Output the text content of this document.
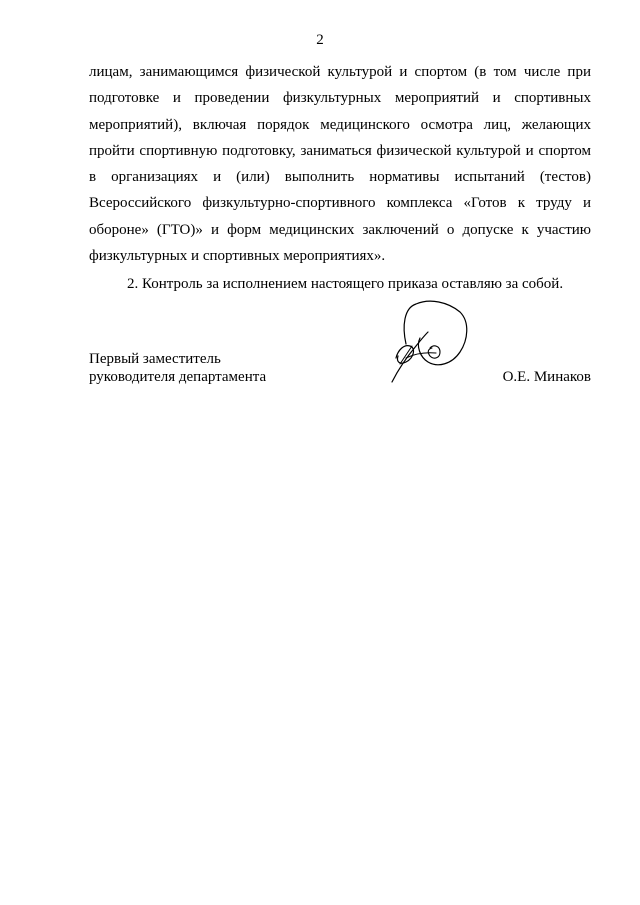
2

лицам, занимающимся физической культурой и спортом (в том числе при подготовке и проведении физкультурных мероприятий и спортивных мероприятий), включая порядок медицинского осмотра лиц, желающих пройти спортивную подготовку, заниматься физической культурой и спортом в организациях и (или) выполнить нормативы испытаний (тестов) Всероссийского физкультурно-спортивного комплекса «Готов к труду и обороне» (ГТО)» и форм медицинских заключений о допуске к участию физкультурных и спортивных мероприятиях».

2. Контроль за исполнением настоящего приказа оставляю за собой.

Первый заместитель
руководителя департамента	О.Е. Минаков
